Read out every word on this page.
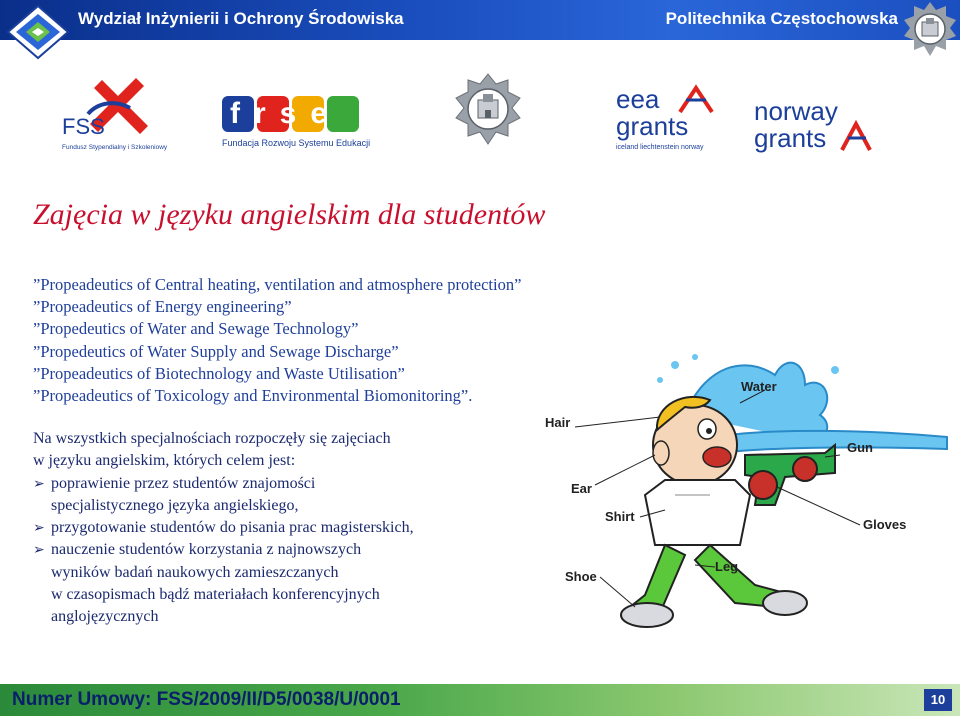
Wydział Inżynierii i Ochrony Środowiska	Politechnika Częstochowska
FSS
Fundusz Stypendialny i Szkoleniowy
frse
Fundacja Rozwoju Systemu Edukacji
eea
grants
iceland liechtenstein norway
norway
grants
Zajęcia w języku angielskim dla studentów
”Propeadeutics of Central heating, ventilation and atmosphere protection”
”Propeadeutics of Energy engineering”
”Propedeutics of Water and Sewage Technology”
”Propedeutics of Water Supply and Sewage Discharge”
”Propeadeutics of Biotechnology and Waste Utilisation”
”Propeadeutics of Toxicology and Environmental Biomonitoring”.
Na wszystkich specjalnościach rozpoczęły się zajęciach
w języku angielskim, których celem jest:
➢ poprawienie przez studentów znajomości
specjalistycznego języka angielskiego,
➢ przygotowanie studentów do pisania prac magisterskich,
➢ nauczenie studentów korzystania z najnowszych
wyników badań naukowych zamieszczanych
w czasopismach bądź materiałach konferencyjnych
anglojęzycznych
Water
Hair
Gun
Ear
Shirt
Gloves
Leg
Shoe
Numer Umowy: FSS/2009/II/D5/0038/U/0001	10
